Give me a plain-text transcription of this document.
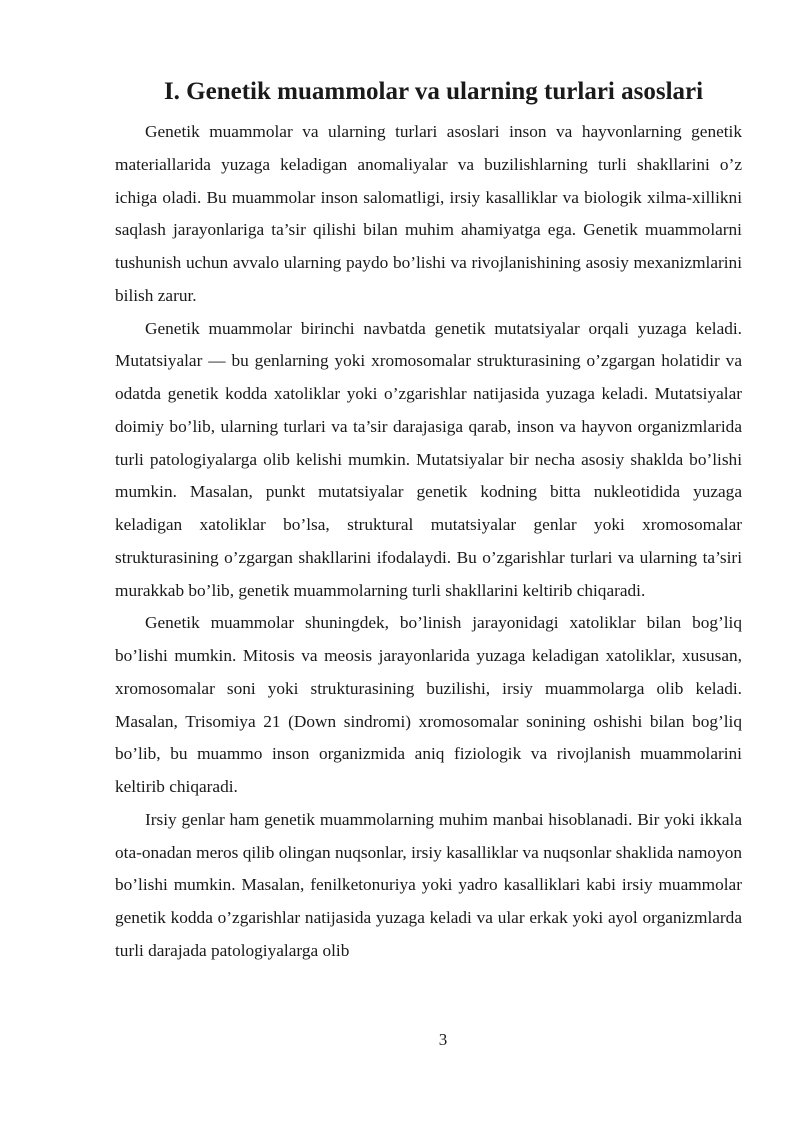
I. Genetik muammolar va ularning turlari asoslari

Genetik muammolar va ularning turlari asoslari inson va hayvonlarning genetik materiallarida yuzaga keladigan anomaliyalar va buzilishlarning turli shakllarini o’z ichiga oladi. Bu muammolar inson salomatligi, irsiy kasalliklar va biologik xilma-xillikni saqlash jarayonlariga ta’sir qilishi bilan muhim ahamiyatga ega. Genetik muammolarni tushunish uchun avvalo ularning paydo bo’lishi va rivojlanishining asosiy mexanizmlarini bilish zarur.

Genetik muammolar birinchi navbatda genetik mutatsiyalar orqali yuzaga keladi. Mutatsiyalar — bu genlarning yoki xromosomalar strukturasining o’zgargan holatidir va odatda genetik kodda xatoliklar yoki o’zgarishlar natijasida yuzaga keladi. Mutatsiyalar doimiy bo’lib, ularning turlari va ta’sir darajasiga qarab, inson va hayvon organizmlarida turli patologiyalarga olib kelishi mumkin. Mutatsiyalar bir necha asosiy shaklda bo’lishi mumkin. Masalan, punkt mutatsiyalar genetik kodning bitta nukleotidida yuzaga keladigan xatoliklar bo’lsa, struktural mutatsiyalar genlar yoki xromosomalar strukturasining o’zgargan shakllarini ifodalaydi. Bu o’zgarishlar turlari va ularning ta’siri murakkab bo’lib, genetik muammolarning turli shakllarini keltirib chiqaradi.

Genetik muammolar shuningdek, bo’linish jarayonidagi xatoliklar bilan bog’liq bo’lishi mumkin. Mitosis va meosis jarayonlarida yuzaga keladigan xatoliklar, xususan, xromosomalar soni yoki strukturasining buzilishi, irsiy muammolarga olib keladi. Masalan, Trisomiya 21 (Down sindromi) xromosomalar sonining oshishi bilan bog’liq bo’lib, bu muammo inson organizmida aniq fiziologik va rivojlanish muammolarini keltirib chiqaradi.

Irsiy genlar ham genetik muammolarning muhim manbai hisoblanadi. Bir yoki ikkala ota-onadan meros qilib olingan nuqsonlar, irsiy kasalliklar va nuqsonlar shaklida namoyon bo’lishi mumkin. Masalan, fenilketonuriya yoki yadro kasalliklari kabi irsiy muammolar genetik kodda o’zgarishlar natijasida yuzaga keladi va ular erkak yoki ayol organizmlarda turli darajada patologiyalarga olib

3
